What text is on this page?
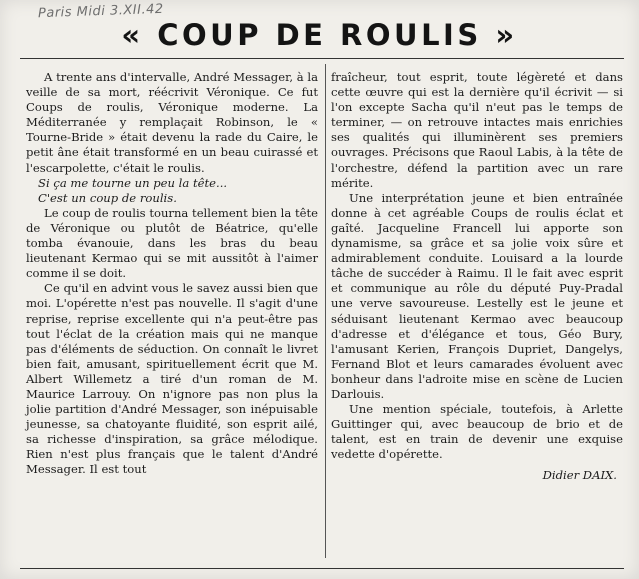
Paris Midi 3.XII.42
« COUP DE ROULIS »

A trente ans d'intervalle, André Messager, à la veille de sa mort, réécrivit Véronique. Ce fut Coups de roulis, Véronique moderne. La Méditerranée y remplaçait Robinson, le « Tourne-Bride » était devenu la rade du Caire, le petit âne était transformé en un beau cuirassé et l'escarpolette, c'était le roulis.

Si ça me tourne un peu la tête...

C'est un coup de roulis.

Le coup de roulis tourna tellement bien la tête de Véronique ou plutôt de Béatrice, qu'elle tomba évanouie, dans les bras du beau lieutenant Kermao qui se mit aussitôt à l'aimer comme il se doit.

Ce qu'il en advint vous le savez aussi bien que moi. L'opérette n'est pas nouvelle. Il s'agit d'une reprise, reprise excellente qui n'a peut-être pas tout l'éclat de la création mais qui ne manque pas d'éléments de séduction. On connaît le livret bien fait, amusant, spirituellement écrit que M. Albert Willemetz a tiré d'un roman de M. Maurice Larrouy. On n'ignore pas non plus la jolie partition d'André Messager, son inépuisable jeunesse, sa chatoyante fluidité, son esprit ailé, sa richesse d'inspiration, sa grâce mélodique. Rien n'est plus français que le talent d'André Messager. Il est tout

fraîcheur, tout esprit, toute légèreté et dans cette œuvre qui est la dernière qu'il écrivit — si l'on excepte Sacha qu'il n'eut pas le temps de terminer, — on retrouve intactes mais enrichies ses qualités qui illuminèrent ses premiers ouvrages. Précisons que Raoul Labis, à la tête de l'orchestre, défend la partition avec un rare mérite.

Une interprétation jeune et bien entraînée donne à cet agréable Coups de roulis éclat et gaîté. Jacqueline Francell lui apporte son dynamisme, sa grâce et sa jolie voix sûre et admirablement conduite. Louisard a la lourde tâche de succéder à Raimu. Il le fait avec esprit et communique au rôle du député Puy-Pradal une verve savoureuse. Lestelly est le jeune et séduisant lieutenant Kermao avec beaucoup d'adresse et d'élégance et tous, Géo Bury, l'amusant Kerien, François Dupriet, Dangelys, Fernand Blot et leurs camarades évoluent avec bonheur dans l'adroite mise en scène de Lucien Darlouis.

Une mention spéciale, toutefois, à Arlette Guittinger qui, avec beaucoup de brio et de talent, est en train de devenir une exquise vedette d'opérette.

Didier DAIX.
